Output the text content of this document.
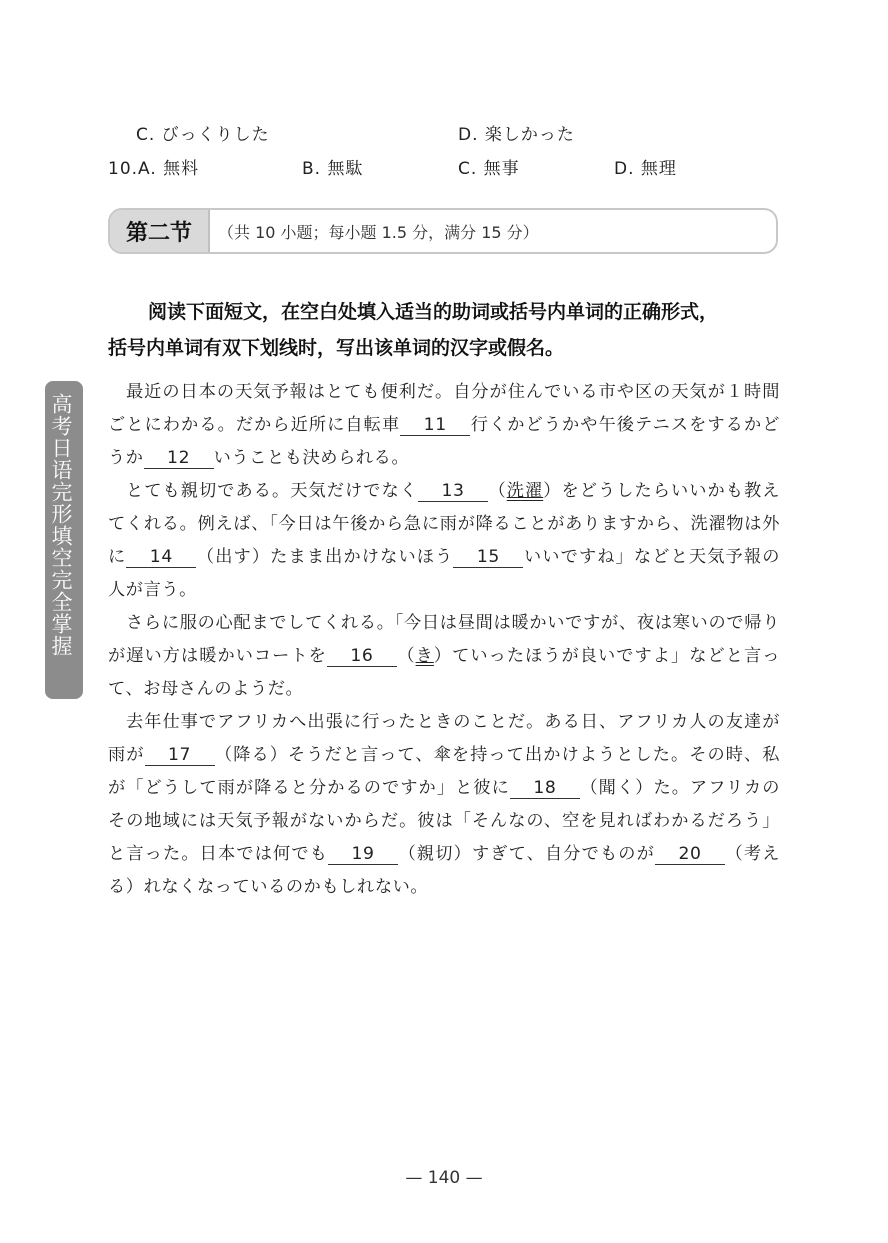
C. びっくりした	D. 楽しかった
10.A. 無料	B. 無駄	C. 無事	D. 無理
第二节	（共 10 小题；每小题 1.5 分，满分 15 分）

阅读下面短文，在空白处填入适当的助词或括号内单词的正确形式，

括号内单词有双下划线时，写出该单词的汉字或假名。

高考日语完形填空完全掌握

最近の日本の天気予報はとても便利だ。自分が住んでいる市や区の天気が１時間ごとにわかる。だから近所に自転車 11 行くかどうかや午後テニスをするかどうか 12 いうことも決められる。

とても親切である。天気だけでなく 13 （洗濯）をどうしたらいいかも教えてくれる。例えば、「今日は午後から急に雨が降ることがありますから、洗濯物は外に 14 （出す）たまま出かけないほう 15 いいですね」などと天気予報の人が言う。

さらに服の心配までしてくれる。「今日は昼間は暖かいですが、夜は寒いので帰りが遅い方は暖かいコートを 16 （き）ていったほうが良いですよ」などと言って、お母さんのようだ。

去年仕事でアフリカへ出張に行ったときのことだ。ある日、アフリカ人の友達が雨が 17 （降る）そうだと言って、傘を持って出かけようとした。その時、私が「どうして雨が降ると分かるのですか」と彼に 18 （聞く）た。アフリカのその地域には天気予報がないからだ。彼は「そんなの、空を見ればわかるだろう」と言った。日本では何でも 19 （親切）すぎて、自分でものが 20 （考える）れなくなっているのかもしれない。

— 140 —
